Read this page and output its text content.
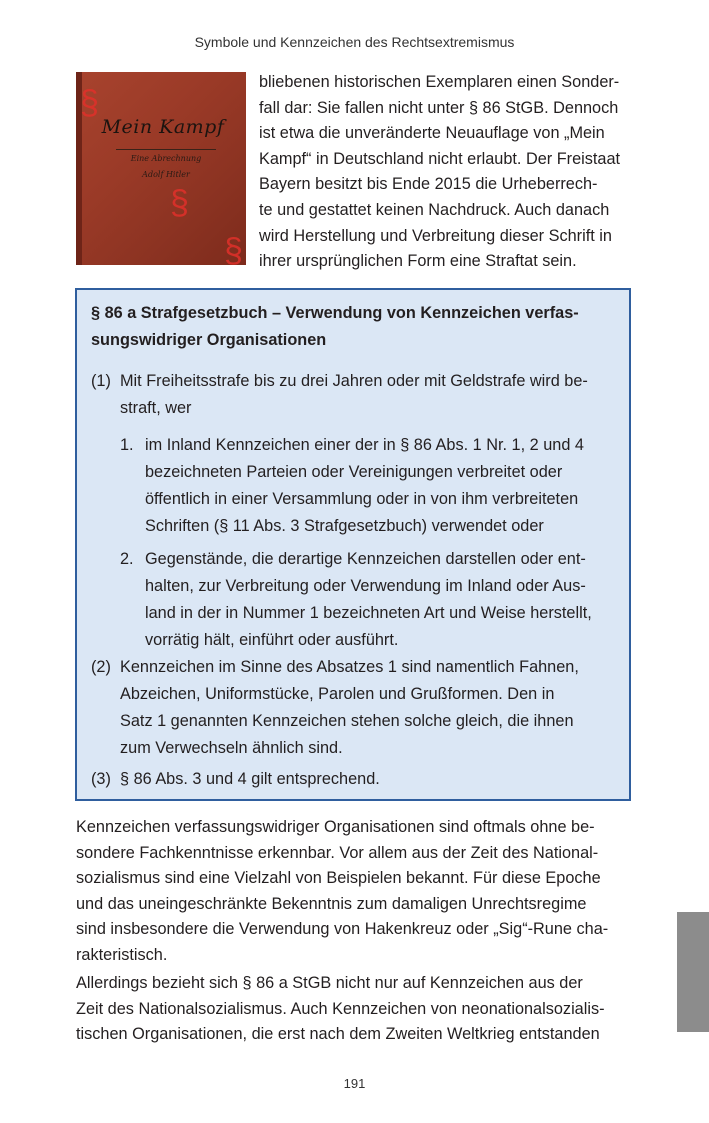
Symbole und Kennzeichen des Rechtsextremismus
Mein Kampf
Eine Abrechnung
Adolf Hitler
§
§
§
bliebenen historischen Exemplaren einen Sonder-
fall dar: Sie fallen nicht unter § 86 StGB. Dennoch
ist etwa die unveränderte Neuauflage von „Mein
Kampf“ in Deutschland nicht erlaubt. Der Freistaat
Bayern besitzt bis Ende 2015 die Urheberrech-
te und gestattet keinen Nachdruck. Auch danach
wird Herstellung und Verbreitung dieser Schrift in
ihrer ursprünglichen Form eine Straftat sein.
§ 86 a Strafgesetzbuch – Verwendung von Kennzeichen verfas-
sungswidriger Organisationen
(1) Mit Freiheitsstrafe bis zu drei Jahren oder mit Geldstrafe wird be-
straft, wer
1. im Inland Kennzeichen einer der in § 86 Abs. 1 Nr. 1, 2 und 4
bezeichneten Parteien oder Vereinigungen verbreitet oder
öffentlich in einer Versammlung oder in von ihm verbreiteten
Schriften (§ 11 Abs. 3 Strafgesetzbuch) verwendet oder
2. Gegenstände, die derartige Kennzeichen darstellen oder ent-
halten, zur Verbreitung oder Verwendung im Inland oder Aus-
land in der in Nummer 1 bezeichneten Art und Weise herstellt,
vorrätig hält, einführt oder ausführt.
(2) Kennzeichen im Sinne des Absatzes 1 sind namentlich Fahnen,
Abzeichen, Uniformstücke, Parolen und Grußformen. Den in
Satz 1 genannten Kennzeichen stehen solche gleich, die ihnen
zum Verwechseln ähnlich sind.
(3) § 86 Abs. 3 und 4 gilt entsprechend.
Kennzeichen verfassungswidriger Organisationen sind oftmals ohne be-
sondere Fachkenntnisse erkennbar. Vor allem aus der Zeit des National-
sozialismus sind eine Vielzahl von Beispielen bekannt. Für diese Epoche
und das uneingeschränkte Bekenntnis zum damaligen Unrechtsregime
sind insbesondere die Verwendung von Hakenkreuz oder „Sig“-Rune cha-
rakteristisch.
Allerdings bezieht sich § 86 a StGB nicht nur auf Kennzeichen aus der
Zeit des Nationalsozialismus. Auch Kennzeichen von neonationalsozialis-
tischen Organisationen, die erst nach dem Zweiten Weltkrieg entstanden
191
